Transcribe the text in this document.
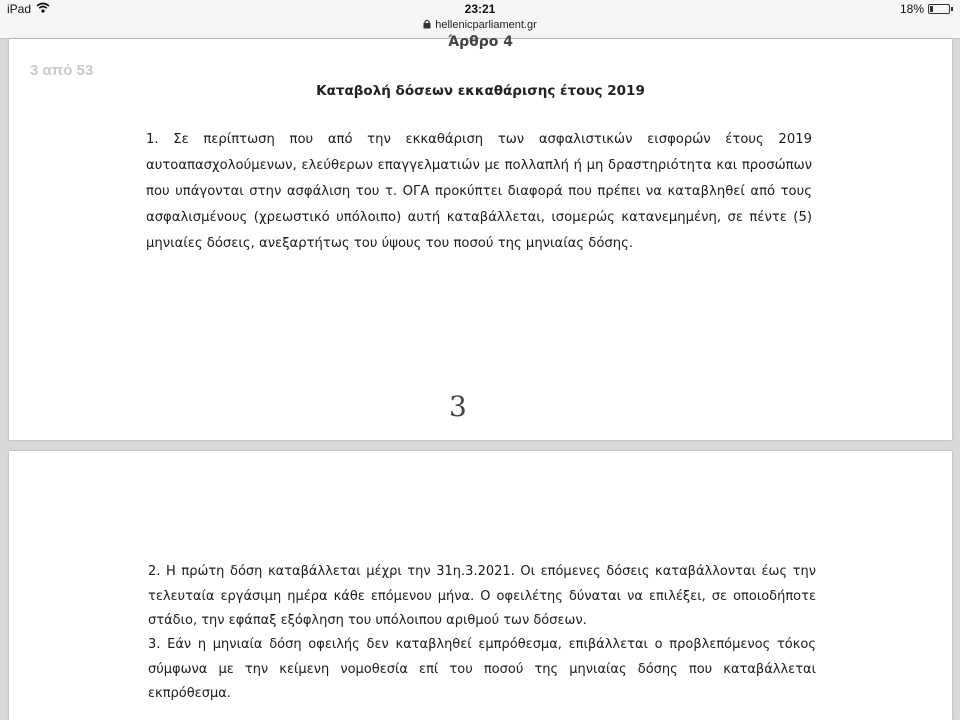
iPad	23:21
hellenicparliament.gr
18%
Άρθρο 4
Καταβολή δόσεων εκκαθάρισης έτους 2019
1. Σε περίπτωση που από την εκκαθάριση των ασφαλιστικών εισφορών έτους 2019 αυτοαπασχολούμενων, ελεύθερων επαγγελματιών με πολλαπλή ή μη δραστηριότητα και προσώπων που υπάγονται στην ασφάλιση του τ. ΟΓΑ προκύπτει διαφορά που πρέπει να καταβληθεί από τους ασφαλισμένους (χρεωστικό υπόλοιπο) αυτή καταβάλλεται, ισομερώς κατανεμημένη, σε πέντε (5) μηνιαίες δόσεις, ανεξαρτήτως του ύψους του ποσού της μηνιαίας δόσης.
3
3 από 53
2. Η πρώτη δόση καταβάλλεται μέχρι την 31η.3.2021. Οι επόμενες δόσεις καταβάλλονται έως την τελευταία εργάσιμη ημέρα κάθε επόμενου μήνα. Ο οφειλέτης δύναται να επιλέξει, σε οποιοδήποτε στάδιο, την εφάπαξ εξόφληση του υπόλοιπου αριθμού των δόσεων.
3. Εάν η μηνιαία δόση οφειλής δεν καταβληθεί εμπρόθεσμα, επιβάλλεται ο προβλεπόμενος τόκος σύμφωνα με την κείμενη νομοθεσία επί του ποσού της μηνιαίας δόσης που καταβάλλεται εκπρόθεσμα.
